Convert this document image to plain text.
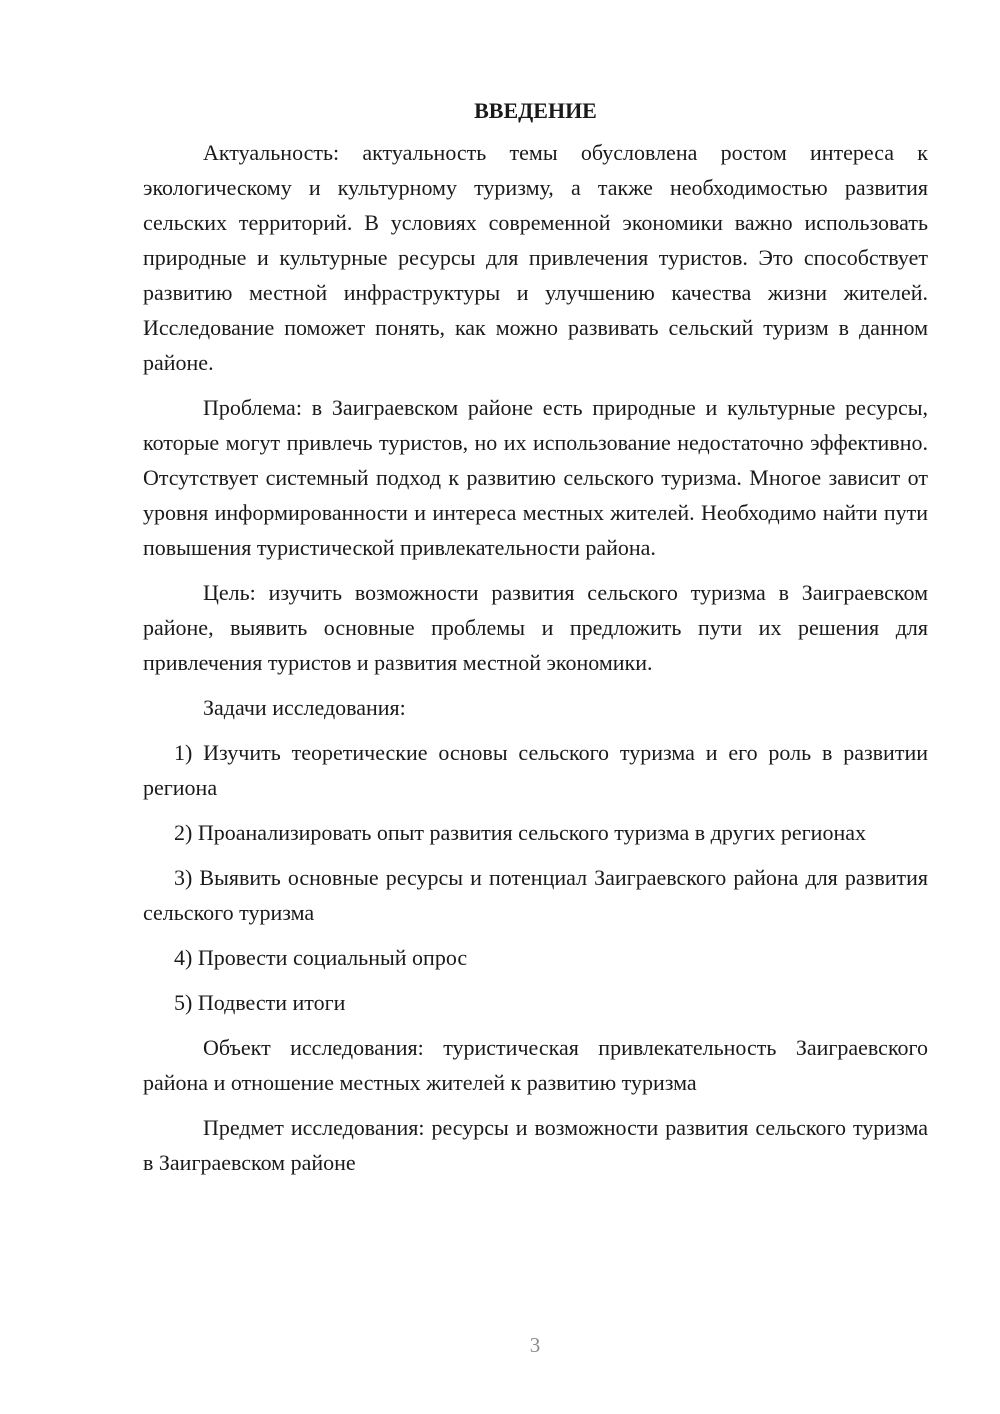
ВВЕДЕНИЕ

Актуальность: актуальность темы обусловлена ростом интереса к экологическому и культурному туризму, а также необходимостью развития сельских территорий. В условиях современной экономики важно использовать природные и культурные ресурсы для привлечения туристов. Это способствует развитию местной инфраструктуры и улучшению качества жизни жителей. Исследование поможет понять, как можно развивать сельский туризм в данном районе.

Проблема: в Заиграевском районе есть природные и культурные ресурсы, которые могут привлечь туристов, но их использование недостаточно эффективно. Отсутствует системный подход к развитию сельского туризма. Многое зависит от уровня информированности и интереса местных жителей. Необходимо найти пути повышения туристической привлекательности района.

Цель: изучить возможности развития сельского туризма в Заиграевском районе, выявить основные проблемы и предложить пути их решения для привлечения туристов и развития местной экономики.

Задачи исследования:

1) Изучить теоретические основы сельского туризма и его роль в развитии региона

2) Проанализировать опыт развития сельского туризма в других регионах

3) Выявить основные ресурсы и потенциал Заиграевского района для развития сельского туризма

4) Провести социальный опрос

5) Подвести итоги

Объект исследования: туристическая привлекательность Заиграевского района и отношение местных жителей к развитию туризма

Предмет исследования: ресурсы и возможности развития сельского туризма в Заиграевском районе

3
